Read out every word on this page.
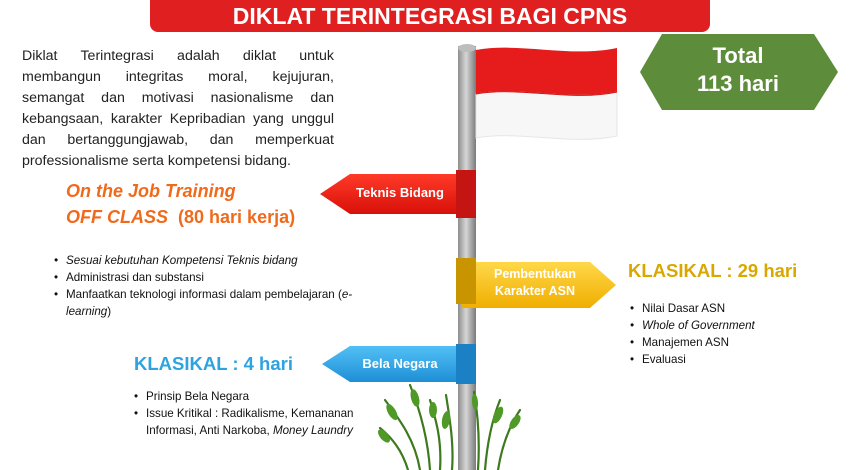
DIKLAT TERINTEGRASI BAGI CPNS
Diklat Terintegrasi adalah diklat untuk membangun integritas moral, kejujuran, semangat dan motivasi nasionalisme dan kebangsaan, karakter Kepribadian yang unggul dan bertanggungjawab, dan memperkuat professionalisme serta kompetensi bidang.
Total
113 hari
Teknis Bidang
Pembentukan
Karakter ASN
Bela Negara
On the Job Training
OFF CLASS (80 hari kerja)
• Sesuai kebutuhan Kompetensi Teknis bidang
• Administrasi dan substansi
• Manfaatkan teknologi informasi dalam pembelajaran (e-learning)
KLASIKAL : 29 hari
• Nilai Dasar ASN
• Whole of Government
• Manajemen ASN
• Evaluasi
KLASIKAL : 4 hari
• Prinsip Bela Negara
• Issue Kritikal : Radikalisme, Kemananan Informasi, Anti Narkoba, Money Laundry
